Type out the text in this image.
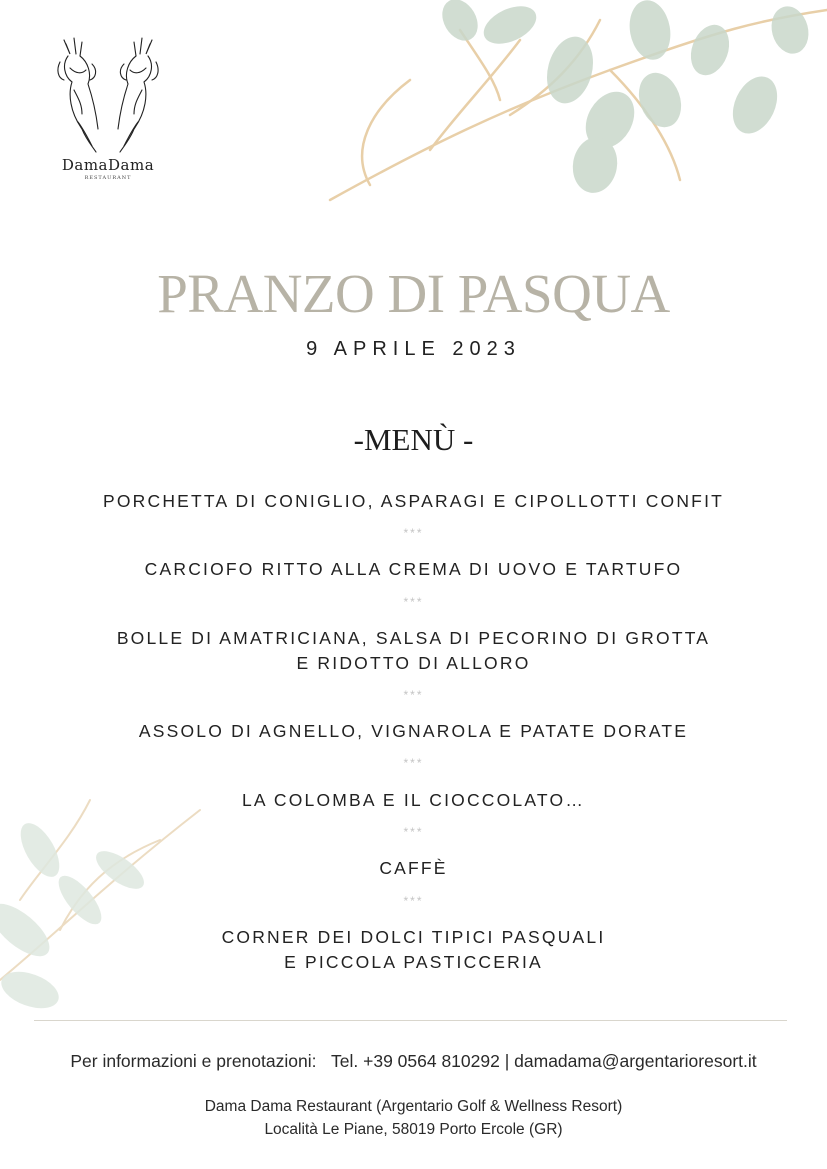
DamaDama
RESTAURANT
PRANZO DI PASQUA
9 APRILE 2023
-MENÙ -
PORCHETTA DI CONIGLIO, ASPARAGI E CIPOLLOTTI CONFIT
***
CARCIOFO RITTO ALLA CREMA DI UOVO E TARTUFO
***
BOLLE DI AMATRICIANA, SALSA DI PECORINO DI GROTTA
E RIDOTTO DI ALLORO
***
ASSOLO DI AGNELLO, VIGNAROLA E PATATE DORATE
***
LA COLOMBA E IL CIOCCOLATO…
***
CAFFÈ
***
CORNER DEI DOLCI TIPICI PASQUALI
E PICCOLA PASTICCERIA
Per informazioni e prenotazioni: Tel. +39 0564 810292 | damadama@argentarioresort.it
Dama Dama Restaurant (Argentario Golf & Wellness Resort)
Località Le Piane, 58019 Porto Ercole (GR)
